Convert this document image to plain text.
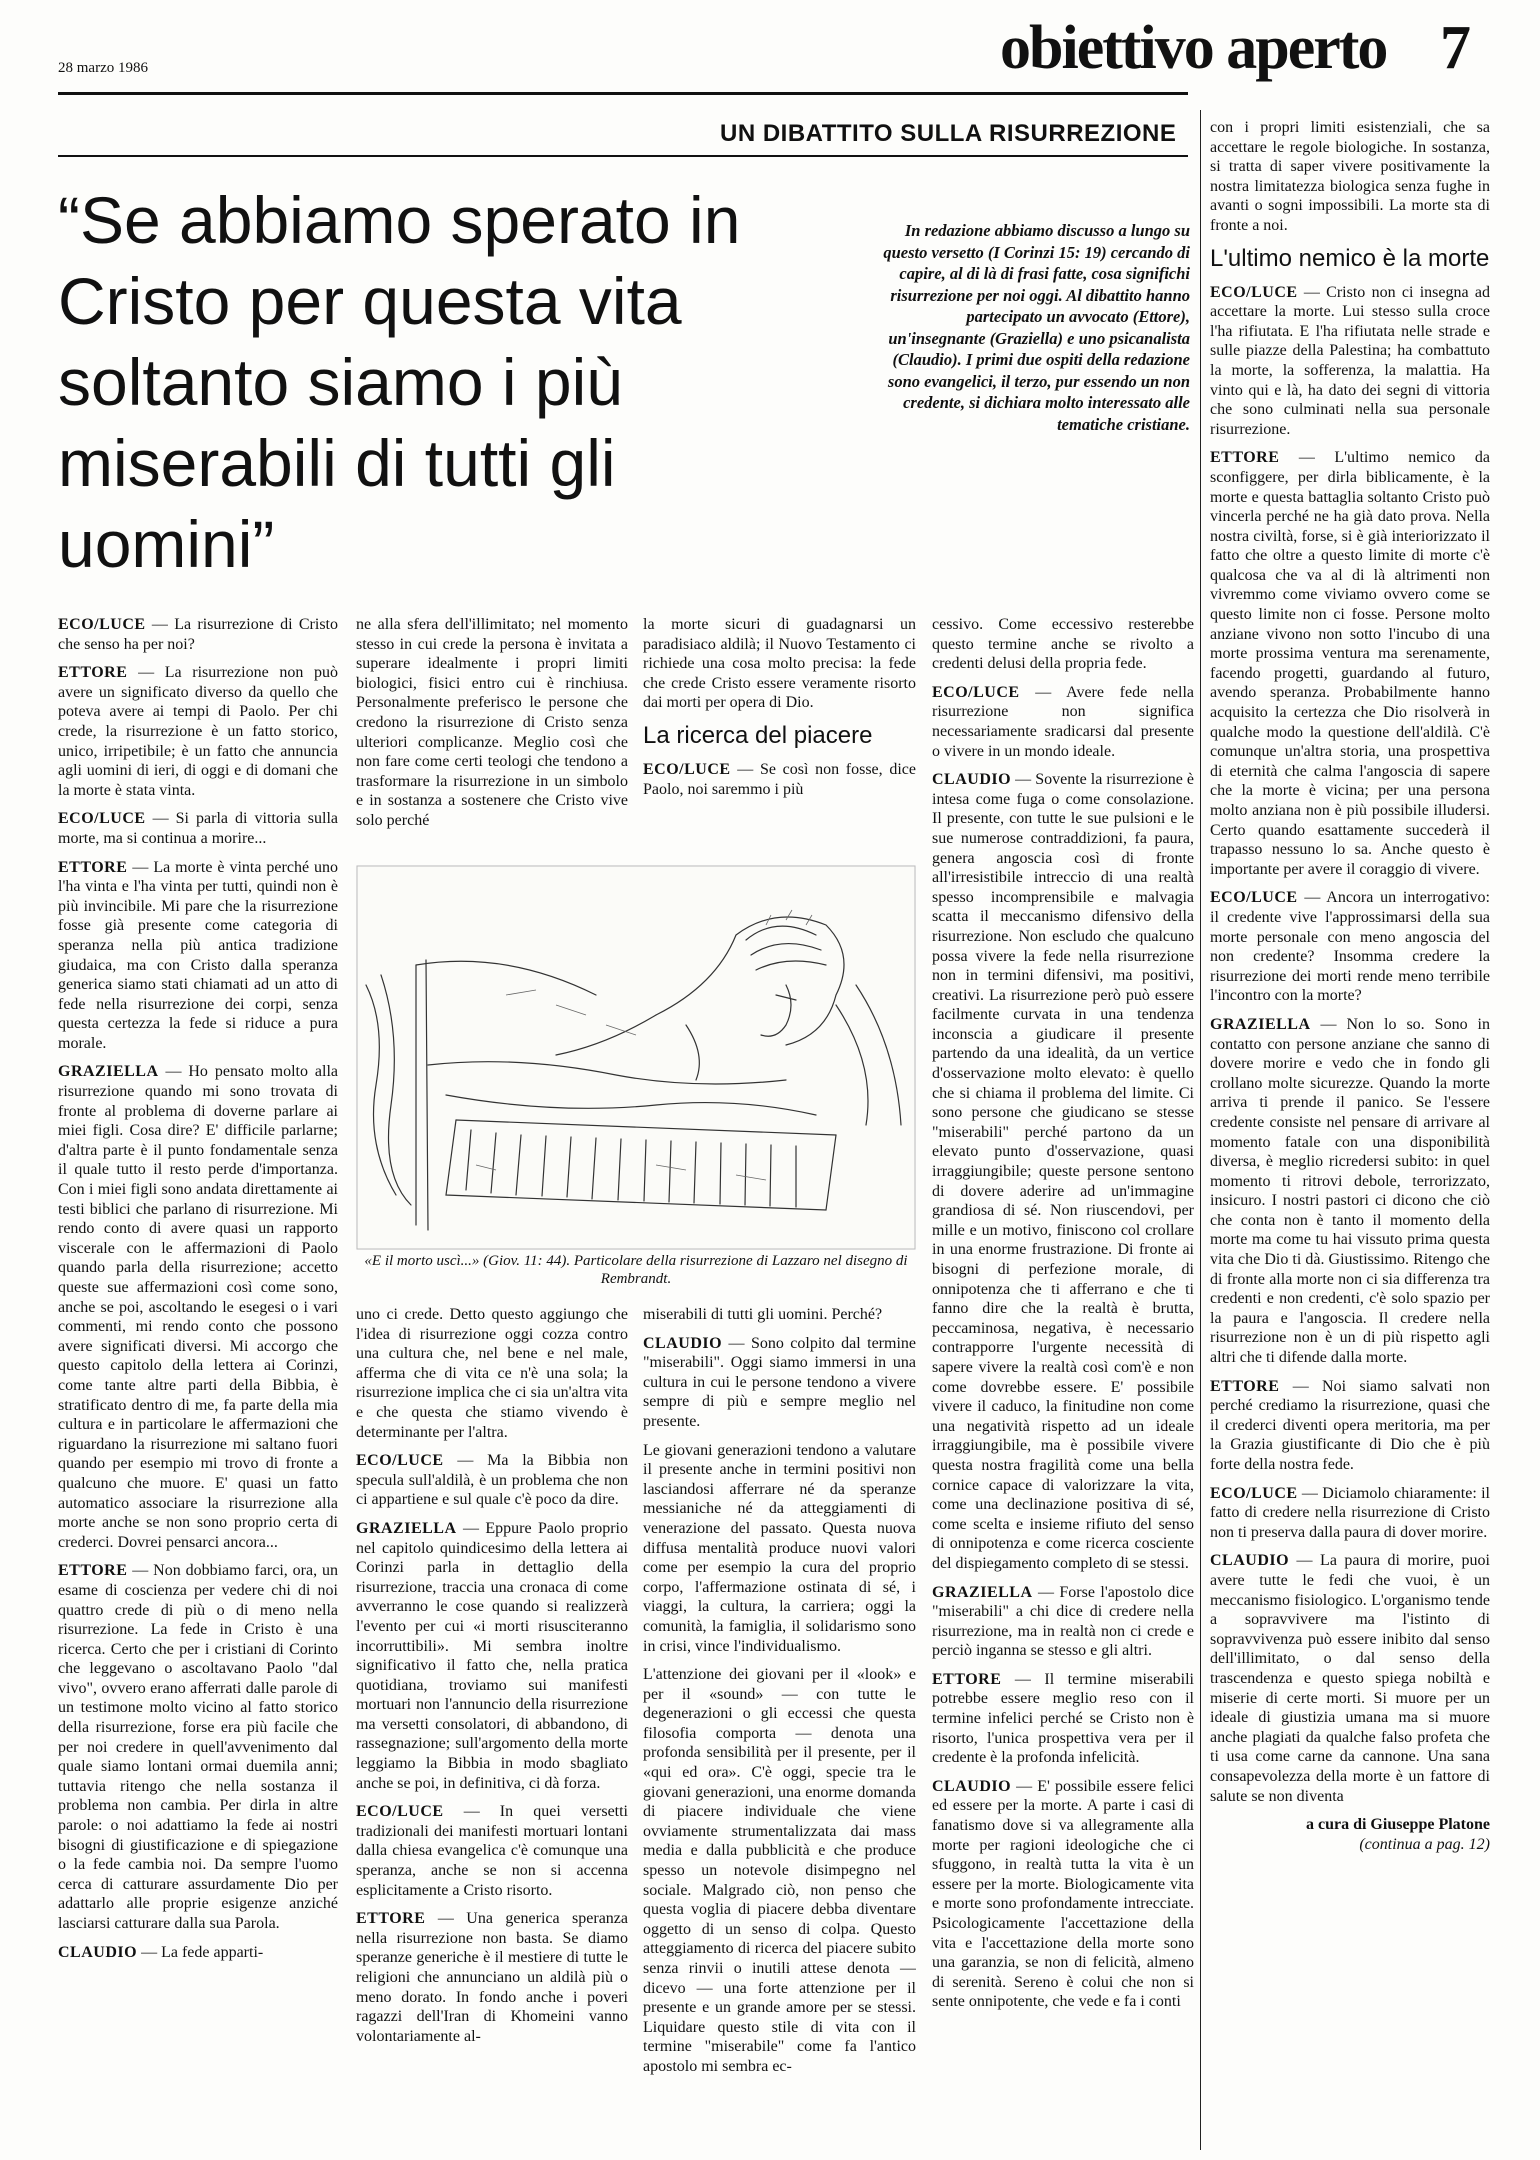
28 marzo 1986	obiettivo aperto 7
UN DIBATTITO SULLA RISURREZIONE
“Se abbiamo sperato in Cristo per questa vita soltanto siamo i più miserabili di tutti gli uomini”
In redazione abbiamo discusso a lungo su questo versetto (I Corinzi 15: 19) cercando di capire, al di là di frasi fatte, cosa significhi risurrezione per noi oggi. Al dibattito hanno partecipato un avvocato (Ettore), un'insegnante (Graziella) e uno psicanalista (Claudio). I primi due ospiti della redazione sono evangelici, il terzo, pur essendo un non credente, si dichiara molto interessato alle tematiche cristiane.

ECO/LUCE — La risurrezione di Cristo che senso ha per noi?

ETTORE — La risurrezione non può avere un significato diverso da quello che poteva avere ai tempi di Paolo. Per chi crede, la risurrezione è un fatto storico, unico, irripetibile; è un fatto che annuncia agli uomini di ieri, di oggi e di domani che la morte è stata vinta.

ECO/LUCE — Si parla di vittoria sulla morte, ma si continua a morire...

ETTORE — La morte è vinta perché uno l'ha vinta e l'ha vinta per tutti, quindi non è più invincibile. Mi pare che la risurrezione fosse già presente come categoria di speranza nella più antica tradizione giudaica, ma con Cristo dalla speranza generica siamo stati chiamati ad un atto di fede nella risurrezione dei corpi, senza questa certezza la fede si riduce a pura morale.

GRAZIELLA — Ho pensato molto alla risurrezione quando mi sono trovata di fronte al problema di doverne parlare ai miei figli. Cosa dire? E' difficile parlarne; d'altra parte è il punto fondamentale senza il quale tutto il resto perde d'importanza. Con i miei figli sono andata direttamente ai testi biblici che parlano di risurrezione. Mi rendo conto di avere quasi un rapporto viscerale con le affermazioni di Paolo quando parla della risurrezione; accetto queste sue affermazioni così come sono, anche se poi, ascoltando le esegesi o i vari commenti, mi rendo conto che possono avere significati diversi. Mi accorgo che questo capitolo della lettera ai Corinzi, come tante altre parti della Bibbia, è stratificato dentro di me, fa parte della mia cultura e in particolare le affermazioni che riguardano la risurrezione mi saltano fuori quando per esempio mi trovo di fronte a qualcuno che muore. E' quasi un fatto automatico associare la risurrezione alla morte anche se non sono proprio certa di crederci. Dovrei pensarci ancora...

ETTORE — Non dobbiamo farci, ora, un esame di coscienza per vedere chi di noi quattro crede di più o di meno nella risurrezione. La fede in Cristo è una ricerca. Certo che per i cristiani di Corinto che leggevano o ascoltavano Paolo "dal vivo", ovvero erano afferrati dalle parole di un testimone molto vicino al fatto storico della risurrezione, forse era più facile che per noi credere in quell'avvenimento dal quale siamo lontani ormai duemila anni; tuttavia ritengo che nella sostanza il problema non cambia. Per dirla in altre parole: o noi adattiamo la fede ai nostri bisogni di giustificazione e di spiegazione o la fede cambia noi. Da sempre l'uomo cerca di catturare assurdamente Dio per adattarlo alle proprie esigenze anziché lasciarsi catturare dalla sua Parola.

CLAUDIO — La fede apparti-

ne alla sfera dell'illimitato; nel momento stesso in cui crede la persona è invitata a superare idealmente i propri limiti biologici, fisici entro cui è rinchiusa. Personalmente preferisco le persone che credono la risurrezione di Cristo senza ulteriori complicanze. Meglio così che non fare come certi teologi che tendono a trasformare la risurrezione in un simbolo e in sostanza a sostenere che Cristo vive solo perché

la morte sicuri di guadagnarsi un paradisiaco aldilà; il Nuovo Testamento ci richiede una cosa molto precisa: la fede che crede Cristo essere veramente risorto dai morti per opera di Dio.

La ricerca del piacere

ECO/LUCE — Se così non fosse, dice Paolo, noi saremmo i più

«E il morto uscì...» (Giov. 11: 44). Particolare della risurrezione di Lazzaro nel disegno di Rembrandt.

uno ci crede. Detto questo aggiungo che l'idea di risurrezione oggi cozza contro una cultura che, nel bene e nel male, afferma che di vita ce n'è una sola; la risurrezione implica che ci sia un'altra vita e che questa che stiamo vivendo è determinante per l'altra.

ECO/LUCE — Ma la Bibbia non specula sull'aldilà, è un problema che non ci appartiene e sul quale c'è poco da dire.

GRAZIELLA — Eppure Paolo proprio nel capitolo quindicesimo della lettera ai Corinzi parla in dettaglio della risurrezione, traccia una cronaca di come avverranno le cose quando si realizzerà l'evento per cui «i morti risusciteranno incorruttibili». Mi sembra inoltre significativo il fatto che, nella pratica quotidiana, troviamo sui manifesti mortuari non l'annuncio della risurrezione ma versetti consolatori, di abbandono, di rassegnazione; sull'argomento della morte leggiamo la Bibbia in modo sbagliato anche se poi, in definitiva, ci dà forza.

ECO/LUCE — In quei versetti tradizionali dei manifesti mortuari lontani dalla chiesa evangelica c'è comunque una speranza, anche se non si accenna esplicitamente a Cristo risorto.

ETTORE — Una generica speranza nella risurrezione non basta. Se diamo speranze generiche è il mestiere di tutte le religioni che annunciano un aldilà più o meno dorato. In fondo anche i poveri ragazzi dell'Iran di Khomeini vanno volontariamente al-

miserabili di tutti gli uomini. Perché?

CLAUDIO — Sono colpito dal termine "miserabili". Oggi siamo immersi in una cultura in cui le persone tendono a vivere sempre di più e sempre meglio nel presente.

Le giovani generazioni tendono a valutare il presente anche in termini positivi non lasciandosi afferrare né da speranze messianiche né da atteggiamenti di venerazione del passato. Questa nuova diffusa mentalità produce nuovi valori come per esempio la cura del proprio corpo, l'affermazione ostinata di sé, i viaggi, la cultura, la carriera; oggi la comunità, la famiglia, il solidarismo sono in crisi, vince l'individualismo.

L'attenzione dei giovani per il «look» e per il «sound» — con tutte le degenerazioni o gli eccessi che questa filosofia comporta — denota una profonda sensibilità per il presente, per il «qui ed ora». C'è oggi, specie tra le giovani generazioni, una enorme domanda di piacere individuale che viene ovviamente strumentalizzata dai mass media e dalla pubblicità e che produce spesso un notevole disimpegno nel sociale. Malgrado ciò, non penso che questa voglia di piacere debba diventare oggetto di un senso di colpa. Questo atteggiamento di ricerca del piacere subito senza rinvii o inutili attese denota — dicevo — una forte attenzione per il presente e un grande amore per se stessi. Liquidare questo stile di vita con il termine "miserabile" come fa l'antico apostolo mi sembra ec-

cessivo. Come eccessivo resterebbe questo termine anche se rivolto a credenti delusi della propria fede.

ECO/LUCE — Avere fede nella risurrezione non significa necessariamente sradicarsi dal presente o vivere in un mondo ideale.

CLAUDIO — Sovente la risurrezione è intesa come fuga o come consolazione. Il presente, con tutte le sue pulsioni e le sue numerose contraddizioni, fa paura, genera angoscia così di fronte all'irresistibile intreccio di una realtà spesso incomprensibile e malvagia scatta il meccanismo difensivo della risurrezione. Non escludo che qualcuno possa vivere la fede nella risurrezione non in termini difensivi, ma positivi, creativi. La risurrezione però può essere facilmente curvata in una tendenza inconscia a giudicare il presente partendo da una idealità, da un vertice d'osservazione molto elevato: è quello che si chiama il problema del limite. Ci sono persone che giudicano se stesse "miserabili" perché partono da un elevato punto d'osservazione, quasi irraggiungibile; queste persone sentono di dovere aderire ad un'immagine grandiosa di sé. Non riuscendovi, per mille e un motivo, finiscono col crollare in una enorme frustrazione. Di fronte ai bisogni di perfezione morale, di onnipotenza che ti afferrano e che ti fanno dire che la realtà è brutta, peccaminosa, negativa, è necessario contrapporre l'urgente necessità di sapere vivere la realtà così com'è e non come dovrebbe essere. E' possibile vivere il caduco, la finitudine non come una negatività rispetto ad un ideale irraggiungibile, ma è possibile vivere questa nostra fragilità come una bella cornice capace di valorizzare la vita, come una declinazione positiva di sé, come scelta e insieme rifiuto del senso di onnipotenza e come ricerca cosciente del dispiegamento completo di se stessi.

GRAZIELLA — Forse l'apostolo dice "miserabili" a chi dice di credere nella risurrezione, ma in realtà non ci crede e perciò inganna se stesso e gli altri.

ETTORE — Il termine miserabili potrebbe essere meglio reso con il termine infelici perché se Cristo non è risorto, l'unica prospettiva vera per il credente è la profonda infelicità.

CLAUDIO — E' possibile essere felici ed essere per la morte. A parte i casi di fanatismo dove si va allegramente alla morte per ragioni ideologiche che ci sfuggono, in realtà tutta la vita è un essere per la morte. Biologicamente vita e morte sono profondamente intrecciate. Psicologicamente l'accettazione della vita e l'accettazione della morte sono una garanzia, se non di felicità, almeno di serenità. Sereno è colui che non si sente onnipotente, che vede e fa i conti

con i propri limiti esistenziali, che sa accettare le regole biologiche. In sostanza, si tratta di saper vivere positivamente la nostra limitatezza biologica senza fughe in avanti o sogni impossibili. La morte sta di fronte a noi.

L'ultimo nemico è la morte

ECO/LUCE — Cristo non ci insegna ad accettare la morte. Lui stesso sulla croce l'ha rifiutata. E l'ha rifiutata nelle strade e sulle piazze della Palestina; ha combattuto la morte, la sofferenza, la malattia. Ha vinto qui e là, ha dato dei segni di vittoria che sono culminati nella sua personale risurrezione.

ETTORE — L'ultimo nemico da sconfiggere, per dirla biblicamente, è la morte e questa battaglia soltanto Cristo può vincerla perché ne ha già dato prova. Nella nostra civiltà, forse, si è già interiorizzato il fatto che oltre a questo limite di morte c'è qualcosa che va al di là altrimenti non vivremmo come viviamo ovvero come se questo limite non ci fosse. Persone molto anziane vivono non sotto l'incubo di una morte prossima ventura ma serenamente, facendo progetti, guardando al futuro, avendo speranza. Probabilmente hanno acquisito la certezza che Dio risolverà in qualche modo la questione dell'aldilà. C'è comunque un'altra storia, una prospettiva di eternità che calma l'angoscia di sapere che la morte è vicina; per una persona molto anziana non è più possibile illudersi. Certo quando esattamente succederà il trapasso nessuno lo sa. Anche questo è importante per avere il coraggio di vivere.

ECO/LUCE — Ancora un interrogativo: il credente vive l'approssimarsi della sua morte personale con meno angoscia del non credente? Insomma credere la risurrezione dei morti rende meno terribile l'incontro con la morte?

GRAZIELLA — Non lo so. Sono in contatto con persone anziane che sanno di dovere morire e vedo che in fondo gli crollano molte sicurezze. Quando la morte arriva ti prende il panico. Se l'essere credente consiste nel pensare di arrivare al momento fatale con una disponibilità diversa, è meglio ricredersi subito: in quel momento ti ritrovi debole, terrorizzato, insicuro. I nostri pastori ci dicono che ciò che conta non è tanto il momento della morte ma come tu hai vissuto prima questa vita che Dio ti dà. Giustissimo. Ritengo che di fronte alla morte non ci sia differenza tra credenti e non credenti, c'è solo spazio per la paura e l'angoscia. Il credere nella risurrezione non è un di più rispetto agli altri che ti difende dalla morte.

ETTORE — Noi siamo salvati non perché crediamo la risurrezione, quasi che il crederci diventi opera meritoria, ma per la Grazia giustificante di Dio che è più forte della nostra fede.

ECO/LUCE — Diciamolo chiaramente: il fatto di credere nella risurrezione di Cristo non ti preserva dalla paura di dover morire.

CLAUDIO — La paura di morire, puoi avere tutte le fedi che vuoi, è un meccanismo fisiologico. L'organismo tende a sopravvivere ma l'istinto di sopravvivenza può essere inibito dal senso dell'illimitato, o dal senso della trascendenza e questo spiega nobiltà e miserie di certe morti. Si muore per un ideale di giustizia umana ma si muore anche plagiati da qualche falso profeta che ti usa come carne da cannone. Una sana consapevolezza della morte è un fattore di salute se non diventa

a cura di Giuseppe Platone
(continua a pag. 12)
